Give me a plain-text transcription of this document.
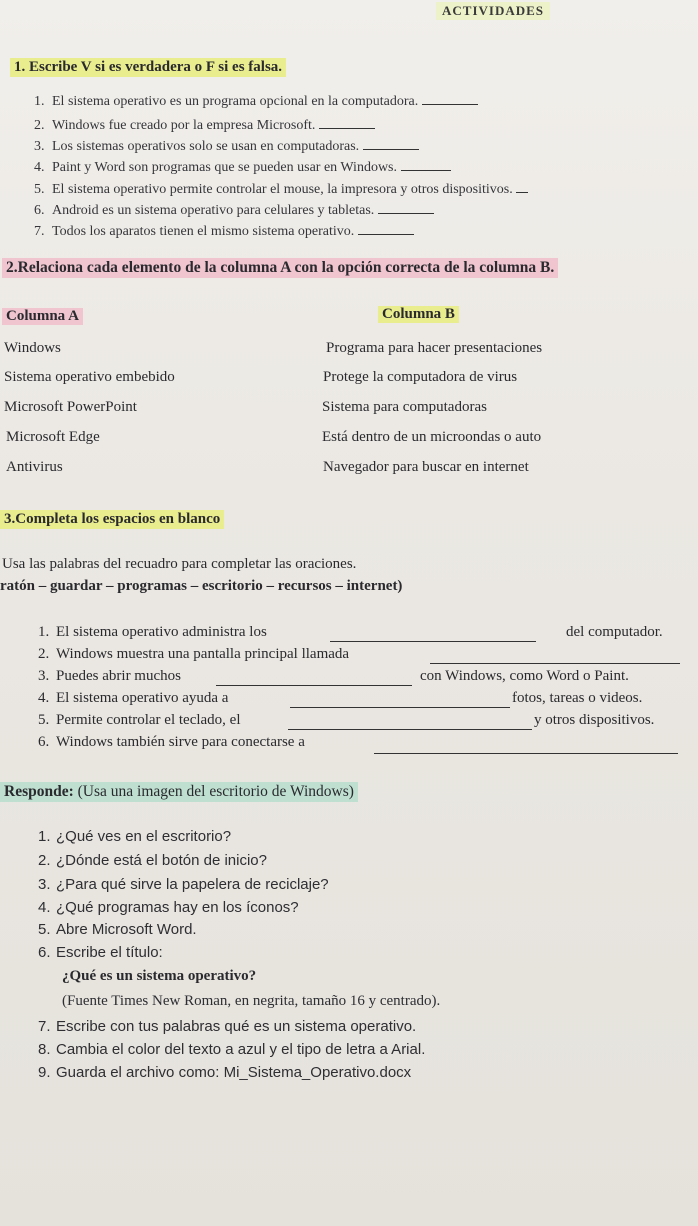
ACTIVIDADES
1. Escribe V si es verdadera o F si es falsa.
1. El sistema operativo es un programa opcional en la computadora.
2. Windows fue creado por la empresa Microsoft.
3. Los sistemas operativos solo se usan en computadoras.
4. Paint y Word son programas que se pueden usar en Windows.
5. El sistema operativo permite controlar el mouse, la impresora y otros dispositivos.
6. Android es un sistema operativo para celulares y tabletas.
7. Todos los aparatos tienen el mismo sistema operativo.
2.Relaciona cada elemento de la columna A con la opción correcta de la columna B.
Columna A	Columna B
Windows	Programa para hacer presentaciones
Sistema operativo embebido	Protege la computadora de virus
Microsoft PowerPoint	Sistema para computadoras
Microsoft Edge	Está dentro de un microondas o auto
Antivirus	Navegador para buscar en internet
3.Completa los espacios en blanco
Usa las palabras del recuadro para completar las oraciones.
ratón – guardar – programas – escritorio – recursos – internet)
1. El sistema operativo administra los	del computador.
2. Windows muestra una pantalla principal llamada
3. Puedes abrir muchos	con Windows, como Word o Paint.
4. El sistema operativo ayuda a	fotos, tareas o videos.
5. Permite controlar el teclado, el	y otros dispositivos.
6. Windows también sirve para conectarse a
Responde: (Usa una imagen del escritorio de Windows)
1. ¿Qué ves en el escritorio?
2. ¿Dónde está el botón de inicio?
3. ¿Para qué sirve la papelera de reciclaje?
4. ¿Qué programas hay en los íconos?
5. Abre Microsoft Word.
6. Escribe el título:
¿Qué es un sistema operativo?
(Fuente Times New Roman, en negrita, tamaño 16 y centrado).
7. Escribe con tus palabras qué es un sistema operativo.
8. Cambia el color del texto a azul y el tipo de letra a Arial.
9. Guarda el archivo como: Mi_Sistema_Operativo.docx
